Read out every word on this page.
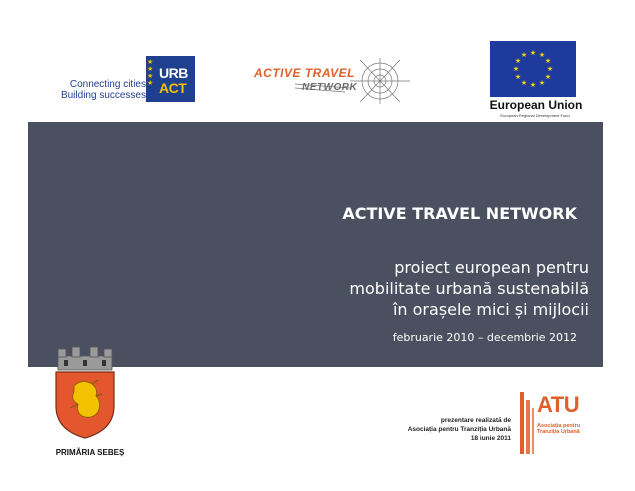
Connecting cities
Building successes
★
★
★
★
URB
ACT
ACTIVE TRAVEL
NETWORK
★ ★
★
★
★
★
★
★
★
★
★
★
European Union
European Regional Development Fund
ACTIVE TRAVEL NETWORK
proiect european pentru
mobilitate urbană sustenabilă
în orașele mici și mijlocii
februarie 2010 – decembrie 2012
PRIMĂRIA SEBEȘ
prezentare realizată de
Asociația pentru Tranziția Urbană
18 iunie 2011
ATU
Asociația pentru
Tranziția Urbană
